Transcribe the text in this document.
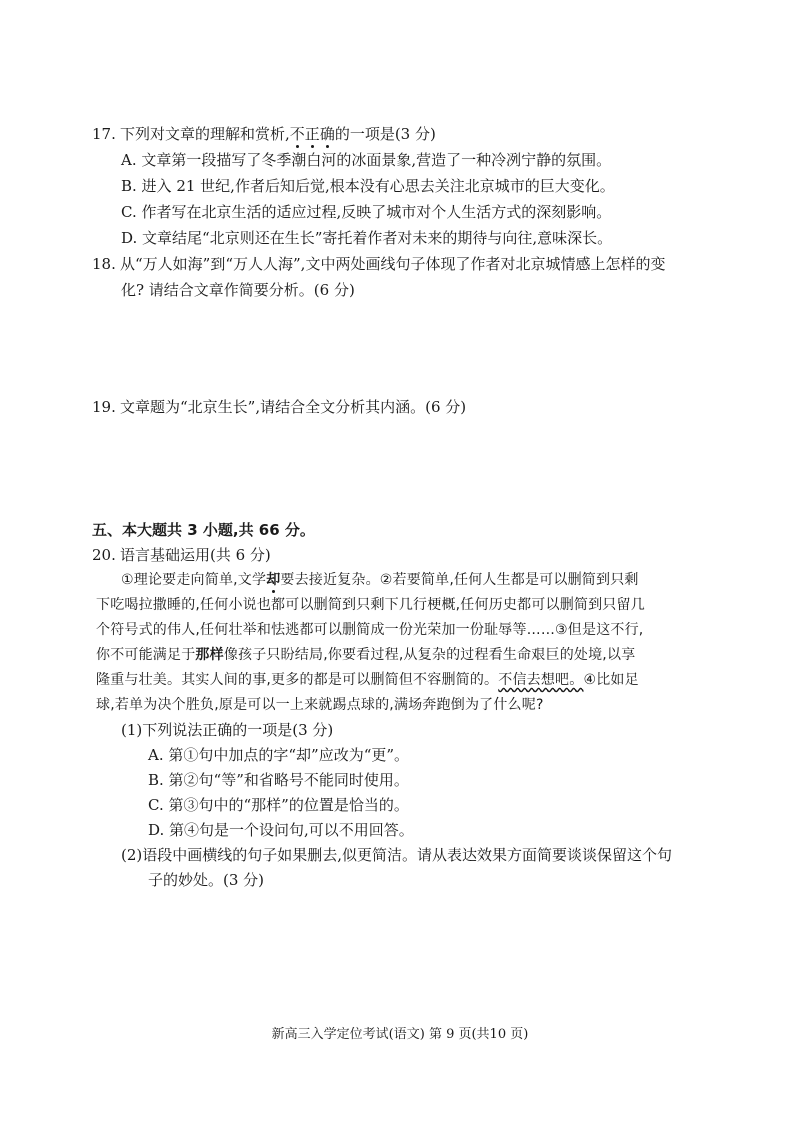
17. 下列对文章的理解和赏析,不正确的一项是(3 分)
A. 文章第一段描写了冬季潮白河的冰面景象,营造了一种冷冽宁静的氛围。
B. 进入 21 世纪,作者后知后觉,根本没有心思去关注北京城市的巨大变化。
C. 作者写在北京生活的适应过程,反映了城市对个人生活方式的深刻影响。
D. 文章结尾“北京则还在生长”寄托着作者对未来的期待与向往,意味深长。
18. 从“万人如海”到“万人人海”,文中两处画线句子体现了作者对北京城情感上怎样的变
化? 请结合文章作简要分析。(6 分)
19. 文章题为“北京生长”,请结合全文分析其内涵。(6 分)
五、本大题共 3 小题,共 66 分。
20. 语言基础运用(共 6 分)
①理论要走向简单,文学却要去接近复杂。②若要简单,任何人生都是可以删简到只剩
下吃喝拉撒睡的,任何小说也都可以删简到只剩下几行梗概,任何历史都可以删简到只留几
个符号式的伟人,任何壮举和怯逃都可以删简成一份光荣加一份耻辱等……③但是这不行,
你不可能满足于那样像孩子只盼结局,你要看过程,从复杂的过程看生命艰巨的处境,以享
隆重与壮美。其实人间的事,更多的都是可以删简但不容删简的。不信去想吧。④比如足
球,若单为决个胜负,原是可以一上来就踢点球的,满场奔跑倒为了什么呢?
(1)下列说法正确的一项是(3 分)
A. 第①句中加点的字“却”应改为“更”。
B. 第②句“等”和省略号不能同时使用。
C. 第③句中的“那样”的位置是恰当的。
D. 第④句是一个设问句,可以不用回答。
(2)语段中画横线的句子如果删去,似更简洁。请从表达效果方面简要谈谈保留这个句
子的妙处。(3 分)
新高三入学定位考试(语文) 第 9 页(共10 页)
